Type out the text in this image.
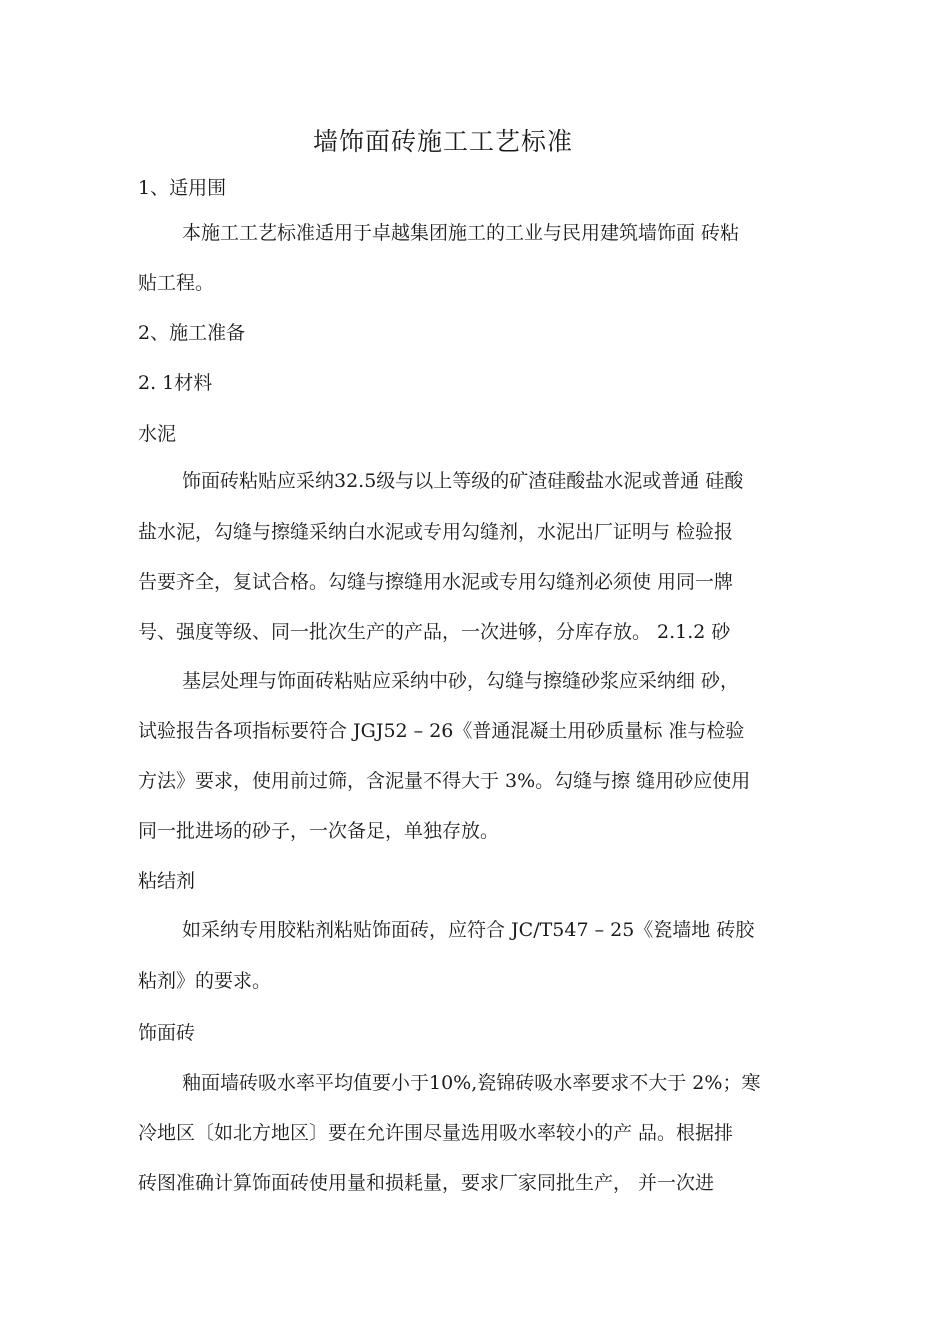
墙饰面砖施工工艺标准

1、适用围

本施工工艺标准适用于卓越集团施工的工业与民用建筑墙饰面 砖粘

贴工程。

2、施工准备

2. 1材料

水泥

饰面砖粘贴应采纳32.5级与以上等级的矿渣硅酸盐水泥或普通 硅酸

盐水泥，勾缝与擦缝采纳白水泥或专用勾缝剂，水泥出厂证明与 检验报

告要齐全，复试合格。勾缝与擦缝用水泥或专用勾缝剂必须使 用同一牌

号、强度等级、同一批次生产的产品，一次进够，分库存放。 2.1.2 砂

基层处理与饰面砖粘贴应采纳中砂，勾缝与擦缝砂浆应采纳细 砂，

试验报告各项指标要符合 JGJ52 – 26《普通混凝土用砂质量标 准与检验

方法》要求，使用前过筛，含泥量不得大于 3%。勾缝与擦 缝用砂应使用

同一批进场的砂子，一次备足，单独存放。

粘结剂

如采纳专用胶粘剂粘贴饰面砖，应符合 JC/T547 – 25《瓷墙地 砖胶

粘剂》的要求。

饰面砖

釉面墙砖吸水率平均值要小于10%,瓷锦砖吸水率要求不大于 2%；寒

冷地区〔如北方地区〕要在允许围尽量选用吸水率较小的产 品。根据排

砖图准确计算饰面砖使用量和损耗量，要求厂家同批生产， 并一次进
